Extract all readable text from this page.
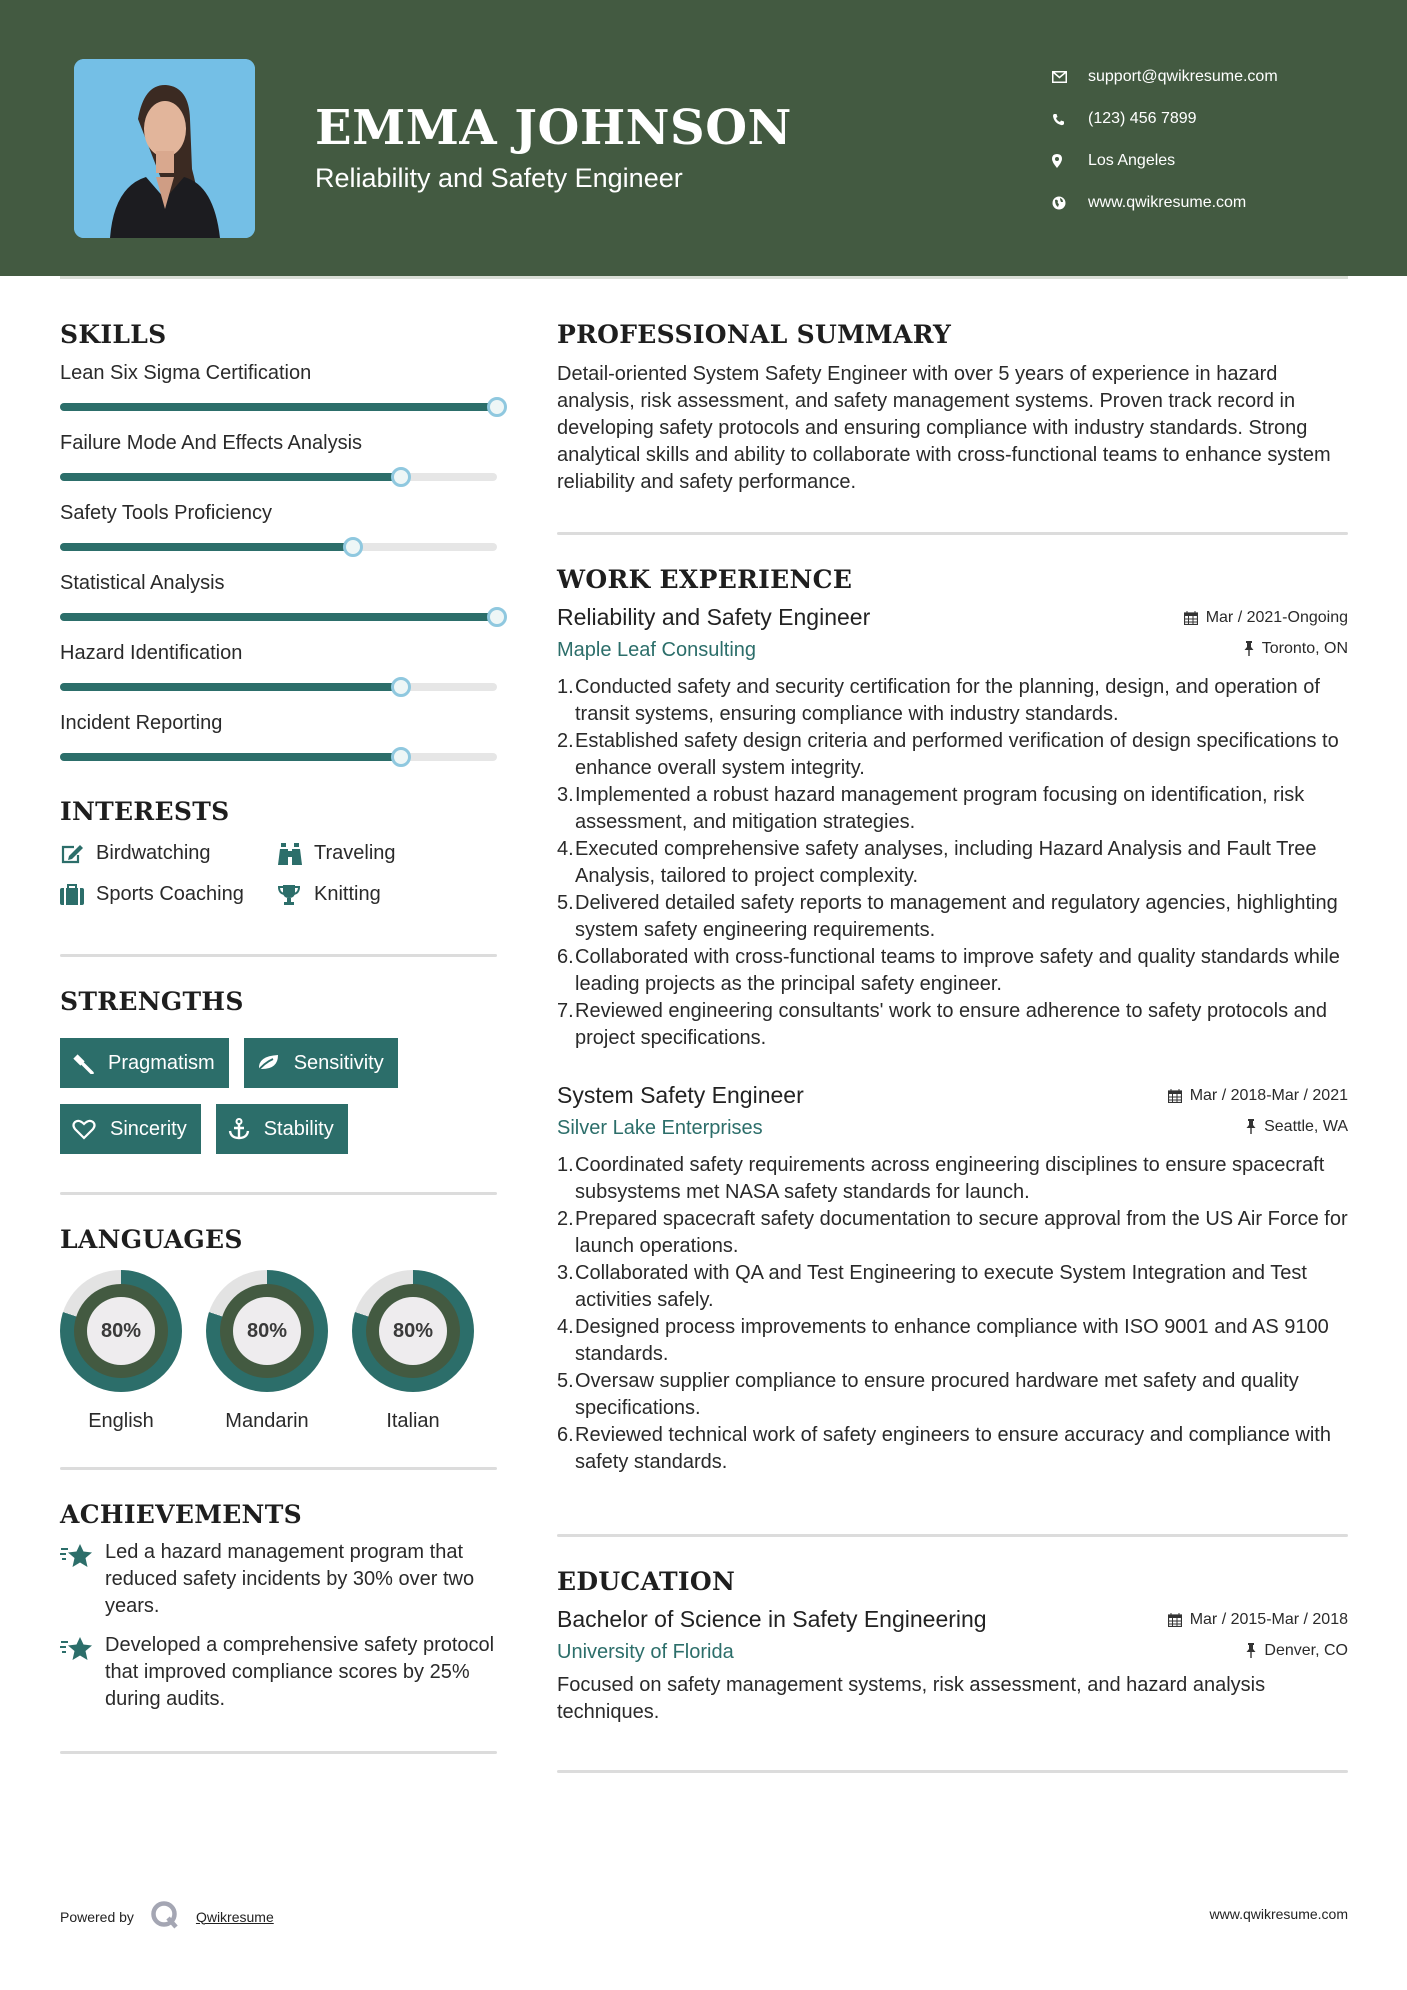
EMMA JOHNSON
Reliability and Safety Engineer
support@qwikresume.com
(123) 456 7899
Los Angeles
www.qwikresume.com
SKILLS
Lean Six Sigma Certification
Failure Mode And Effects Analysis
Safety Tools Proficiency
Statistical Analysis
Hazard Identification
Incident Reporting
INTERESTS
Birdwatching	Traveling
Sports Coaching	Knitting
STRENGTHS
Pragmatism	Sensitivity
Sincerity	Stability
LANGUAGES
80%
English
80%
Mandarin
80%
Italian
ACHIEVEMENTS
Led a hazard management program that reduced safety incidents by 30% over two years.
Developed a comprehensive safety protocol that improved compliance scores by 25% during audits.
PROFESSIONAL SUMMARY

Detail-oriented System Safety Engineer with over 5 years of experience in hazard analysis, risk assessment, and safety management systems. Proven track record in developing safety protocols and ensuring compliance with industry standards. Strong analytical skills and ability to collaborate with cross-functional teams to enhance system reliability and safety performance.

WORK EXPERIENCE
Reliability and Safety Engineer	Mar / 2021-Ongoing
Maple Leaf Consulting	Toronto, ON
1. Conducted safety and security certification for the planning, design, and operation of transit systems, ensuring compliance with industry standards.
2. Established safety design criteria and performed verification of design specifications to enhance overall system integrity.
3. Implemented a robust hazard management program focusing on identification, risk assessment, and mitigation strategies.
4. Executed comprehensive safety analyses, including Hazard Analysis and Fault Tree Analysis, tailored to project complexity.
5. Delivered detailed safety reports to management and regulatory agencies, highlighting system safety engineering requirements.
6. Collaborated with cross-functional teams to improve safety and quality standards while leading projects as the principal safety engineer.
7. Reviewed engineering consultants' work to ensure adherence to safety protocols and project specifications.
System Safety Engineer	Mar / 2018-Mar / 2021
Silver Lake Enterprises	Seattle, WA
1. Coordinated safety requirements across engineering disciplines to ensure spacecraft subsystems met NASA safety standards for launch.
2. Prepared spacecraft safety documentation to secure approval from the US Air Force for launch operations.
3. Collaborated with QA and Test Engineering to execute System Integration and Test activities safely.
4. Designed process improvements to enhance compliance with ISO 9001 and AS 9100 standards.
5. Oversaw supplier compliance to ensure procured hardware met safety and quality specifications.
6. Reviewed technical work of safety engineers to ensure accuracy and compliance with safety standards.
EDUCATION
Bachelor of Science in Safety Engineering	Mar / 2015-Mar / 2018
University of Florida	Denver, CO

Focused on safety management systems, risk assessment, and hazard analysis techniques.

Powered by	Qwikresume	www.qwikresume.com
